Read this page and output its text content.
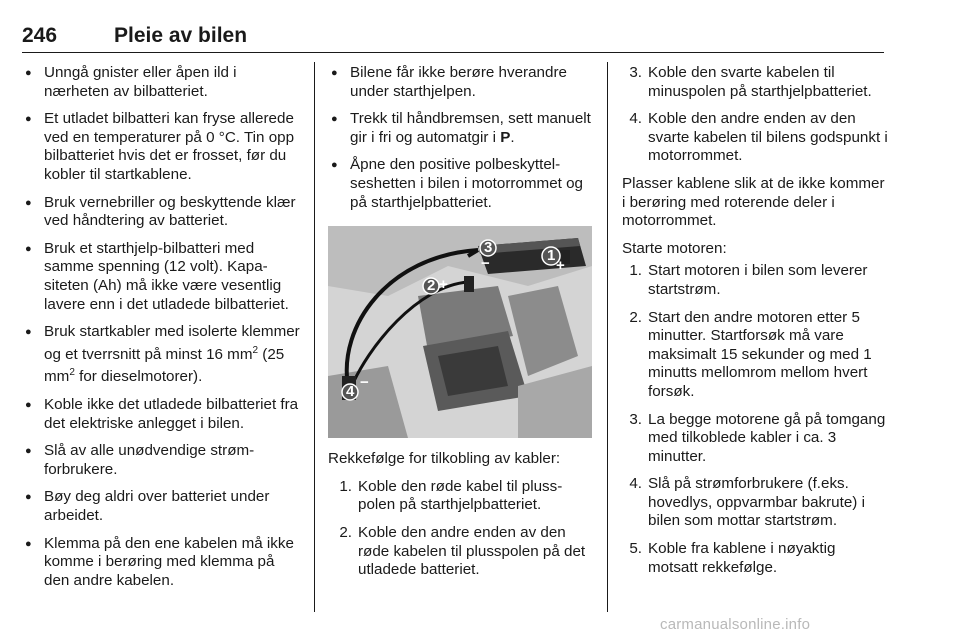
246	Pleie av bilen
● Unngå gnister eller åpen ild i nærheten av bilbatteriet.
● Et utladet bilbatteri kan fryse allerede ved en temperaturer på 0 °C. Tin opp bilbatteriet hvis det er frosset, før du kobler til startkablene.
● Bruk vernebriller og beskyttende klær ved håndtering av batteriet.
● Bruk et starthjelp-bilbatteri med samme spenning (12 volt). Kapasiteten (Ah) må ikke være vesentlig lavere enn i det utladede bilbatteriet.
● Bruk startkabler med isolerte klemmer og et tverrsnitt på minst 16 $mm^2$ (25 $mm^2$ for dieselmotorer).
● Koble ikke det utladede bilbatteriet fra det elektriske anlegget i bilen.
● Slå av alle unødvendige strømforbrukere.
● Bøy deg aldri over batteriet under arbeidet.
● Klemma på den ene kabelen må ikke komme i berøring med klemma på den andre kabelen.
● Bilene får ikke berøre hverandre under starthjelpen.
● Trekk til håndbremsen, sett manuelt gir i fri og automatgir i P.
● Åpne den positive polbeskyttelseshetten i bilen i motorrommet og på starthjelpbatteriet.
1
+
2 +
3
−
4
−

Rekkefølge for tilkobling av kabler:

1. Koble den røde kabel til plusspolen på starthjelpbatteriet.
2. Koble den andre enden av den røde kabelen til plusspolen på det utladede batteriet.
3. Koble den svarte kabelen til minuspolen på starthjelpbatteriet.
4. Koble den andre enden av den svarte kabelen til bilens godspunkt i motorrommet.

Plasser kablene slik at de ikke kommer i berøring med roterende deler i motorrommet.

Starte motoren:

1. Start motoren i bilen som leverer startstrøm.
2. Start den andre motoren etter 5 minutter. Startforsøk må vare maksimalt 15 sekunder og med 1 minutts mellomrom mellom hvert forsøk.
3. La begge motorene gå på tomgang med tilkoblede kabler i ca. 3 minutter.
4. Slå på strømforbrukere (f.eks. hovedlys, oppvarmbar bakrute) i bilen som mottar startstrøm.
5. Koble fra kablene i nøyaktig motsatt rekkefølge.
carmanualsonline.info
